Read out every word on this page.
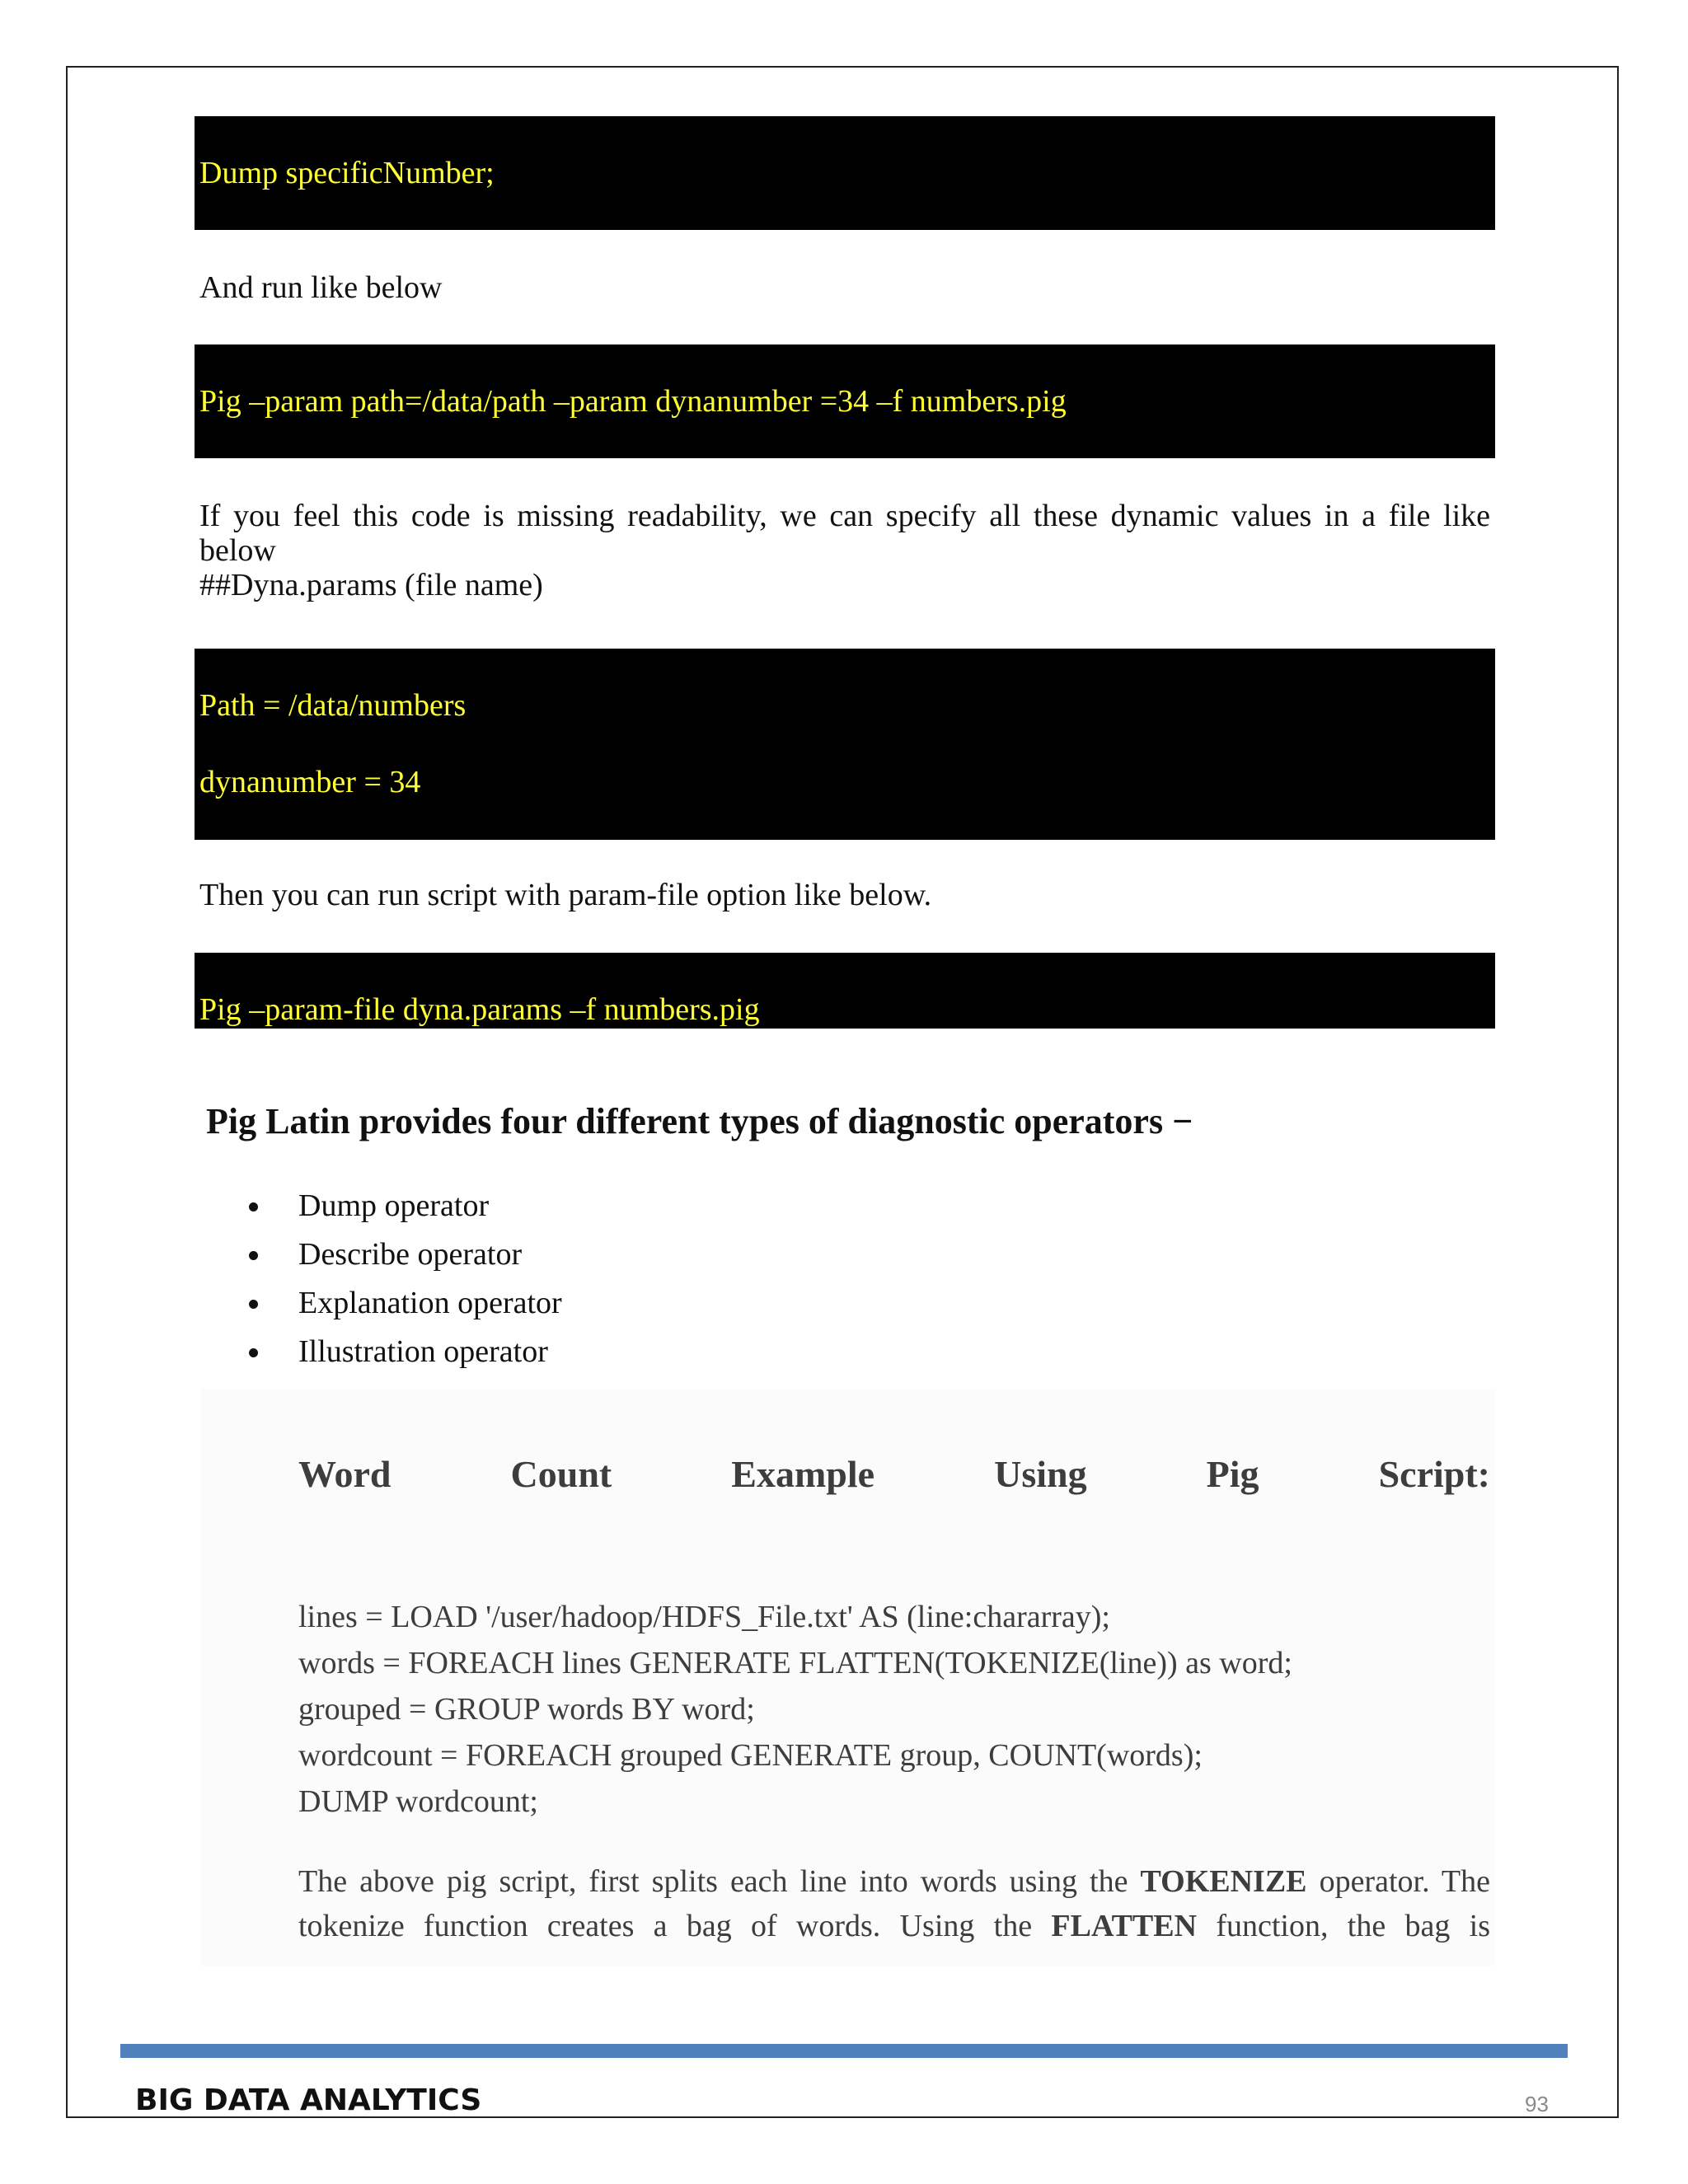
Dump specificNumber;
And run like below
Pig –param path=/data/path –param dynanumber =34 –f numbers.pig
If you feel this code is missing readability, we can specify all these dynamic values in a file like
below
##Dyna.params (file name)
Path = /data/numbers
dynanumber = 34
Then you can run script with param-file option like below.
Pig –param-file dyna.params –f numbers.pig
Pig Latin provides four different types of diagnostic operators −
Dump operator
Describe operator
Explanation operator
Illustration operator
Word	Count	Example	Using	Pig	Script:
lines = LOAD '/user/hadoop/HDFS_File.txt' AS (line:chararray);
words = FOREACH lines GENERATE FLATTEN(TOKENIZE(line)) as word;
grouped = GROUP words BY word;
wordcount = FOREACH grouped GENERATE group, COUNT(words);
DUMP wordcount;
The above pig script, first splits each line into words using the TOKENIZE operator. The
tokenize function creates a bag of words. Using the FLATTEN function, the bag is
BIG DATA ANALYTICS	93
